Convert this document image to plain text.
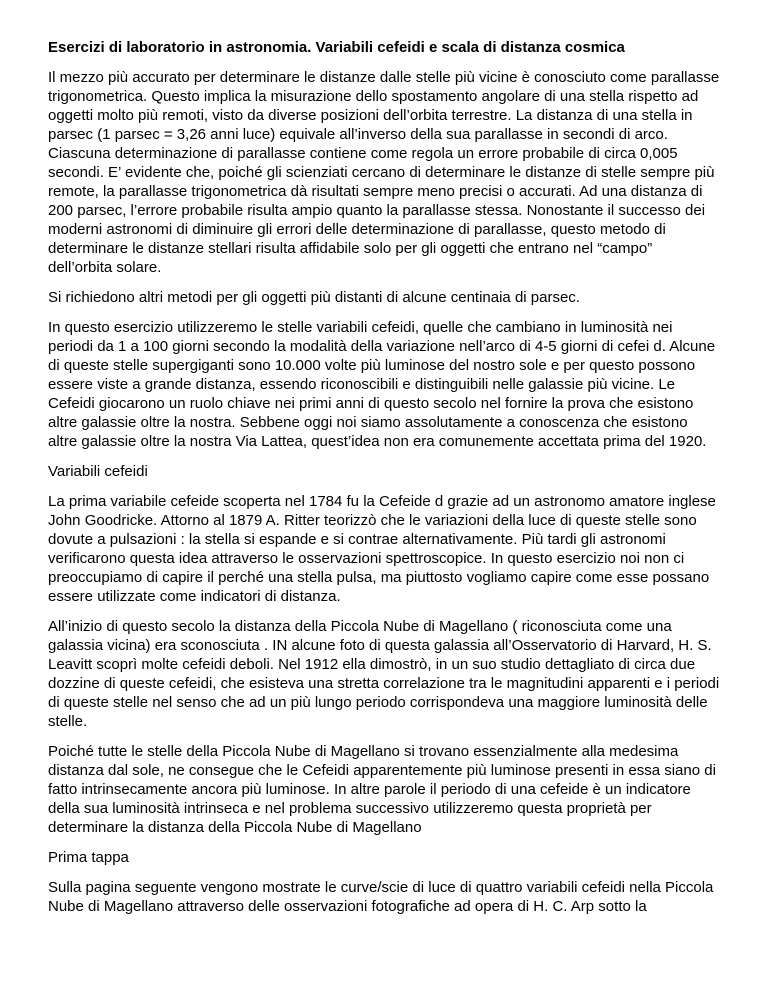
Esercizi di laboratorio in astronomia. Variabili cefeidi e scala di distanza cosmica

Il mezzo più accurato per determinare le distanze dalle stelle più vicine è conosciuto come parallasse trigonometrica. Questo implica la misurazione dello spostamento angolare di una stella rispetto ad oggetti molto più remoti, visto da diverse posizioni dell’orbita terrestre. La distanza di una stella in parsec (1 parsec = 3,26 anni luce) equivale all’inverso della sua parallasse in secondi di arco. Ciascuna determinazione di parallasse contiene come regola un errore probabile di circa 0,005 secondi. E’ evidente che, poiché gli scienziati cercano di determinare le distanze di stelle sempre più remote, la parallasse trigonometrica dà risultati sempre meno precisi o accurati. Ad una distanza di 200 parsec, l’errore probabile risulta ampio quanto la parallasse stessa. Nonostante il successo dei moderni astronomi di diminuire gli errori delle determinazione di parallasse, questo metodo di determinare le distanze stellari risulta affidabile solo per gli oggetti che entrano nel “campo” dell’orbita solare.

Si richiedono altri metodi per gli oggetti più distanti di alcune centinaia di parsec.

In questo esercizio utilizzeremo le stelle variabili cefeidi, quelle che cambiano in luminosità nei periodi da 1 a 100 giorni secondo la modalità della variazione nell’arco di 4-5 giorni di cefei d. Alcune di queste stelle supergiganti sono 10.000 volte più luminose del nostro sole e per questo possono essere viste a grande distanza, essendo riconoscibili e distinguibili nelle galassie più vicine. Le Cefeidi giocarono un ruolo chiave nei primi anni di questo secolo nel fornire la prova che esistono altre galassie oltre la nostra. Sebbene oggi noi siamo assolutamente a conoscenza che esistono altre galassie oltre la nostra Via Lattea, quest’idea non era comunemente accettata prima del 1920.

Variabili cefeidi

La prima variabile cefeide scoperta nel 1784 fu la Cefeide d grazie ad un astronomo amatore inglese John Goodricke. Attorno al 1879 A. Ritter teorizzò che le variazioni della luce di queste stelle sono dovute a pulsazioni : la stella si espande e si contrae alternativamente. Più tardi gli astronomi verificarono questa idea attraverso le osservazioni spettroscopice. In questo esercizio noi non ci preoccupiamo di capire il perché una stella pulsa, ma piuttosto vogliamo capire come esse possano essere utilizzate come indicatori di distanza.

All’inizio di questo secolo la distanza della Piccola Nube di Magellano ( riconosciuta come una galassia vicina) era sconosciuta . IN alcune foto di questa galassia all’Osservatorio di Harvard, H. S. Leavitt scoprì molte cefeidi deboli. Nel 1912 ella dimostrò, in un suo studio dettagliato di circa due dozzine di queste cefeidi, che esisteva una stretta correlazione tra le magnitudini apparenti e i periodi di queste stelle nel senso che ad un più lungo periodo corrispondeva una maggiore luminosità delle stelle.

Poiché tutte le stelle della Piccola Nube di Magellano si trovano essenzialmente alla medesima distanza dal sole, ne consegue che le Cefeidi apparentemente più luminose presenti in essa siano di fatto intrinsecamente ancora più luminose. In altre parole il periodo di una cefeide è un indicatore della sua luminosità intrinseca e nel problema successivo utilizzeremo questa proprietà per determinare la distanza della Piccola Nube di Magellano

Prima tappa

Sulla pagina seguente vengono mostrate le curve/scie di luce di quattro variabili cefeidi nella Piccola Nube di Magellano attraverso delle osservazioni fotografiche ad opera di H. C. Arp sotto la
